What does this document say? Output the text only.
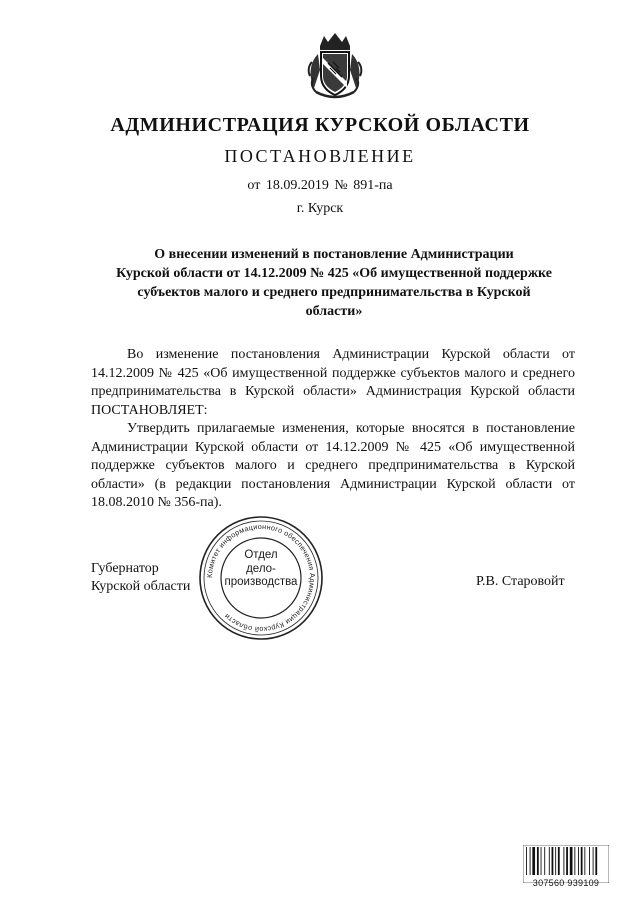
АДМИНИСТРАЦИЯ КУРСКОЙ ОБЛАСТИ
ПОСТАНОВЛЕНИЕ
от 18.09.2019 № 891-па
г. Курск
О внесении изменений в постановление Администрации
Курской области от 14.12.2009 № 425 «Об имущественной поддержке
субъектов малого и среднего предпринимательства в Курской
области»

Во изменение постановления Администрации Курской области от 14.12.2009 № 425 «Об имущественной поддержке субъектов малого и среднего предпринимательства в Курской области» Администрация Курской области ПОСТАНОВЛЯЕТ:

Утвердить прилагаемые изменения, которые вносятся в постановление Администрации Курской области от 14.12.2009 № 425 «Об имущественной поддержке субъектов малого и среднего предпринимательства в Курской области» (в редакции постановления Администрации Курской области от 18.08.2010 № 356-па).

Губернатор
Курской области
Комитет информационного обеспечения Администрации Курской области
Отдел
дело-
производства	Р.В. Старовойт
307560 939109
